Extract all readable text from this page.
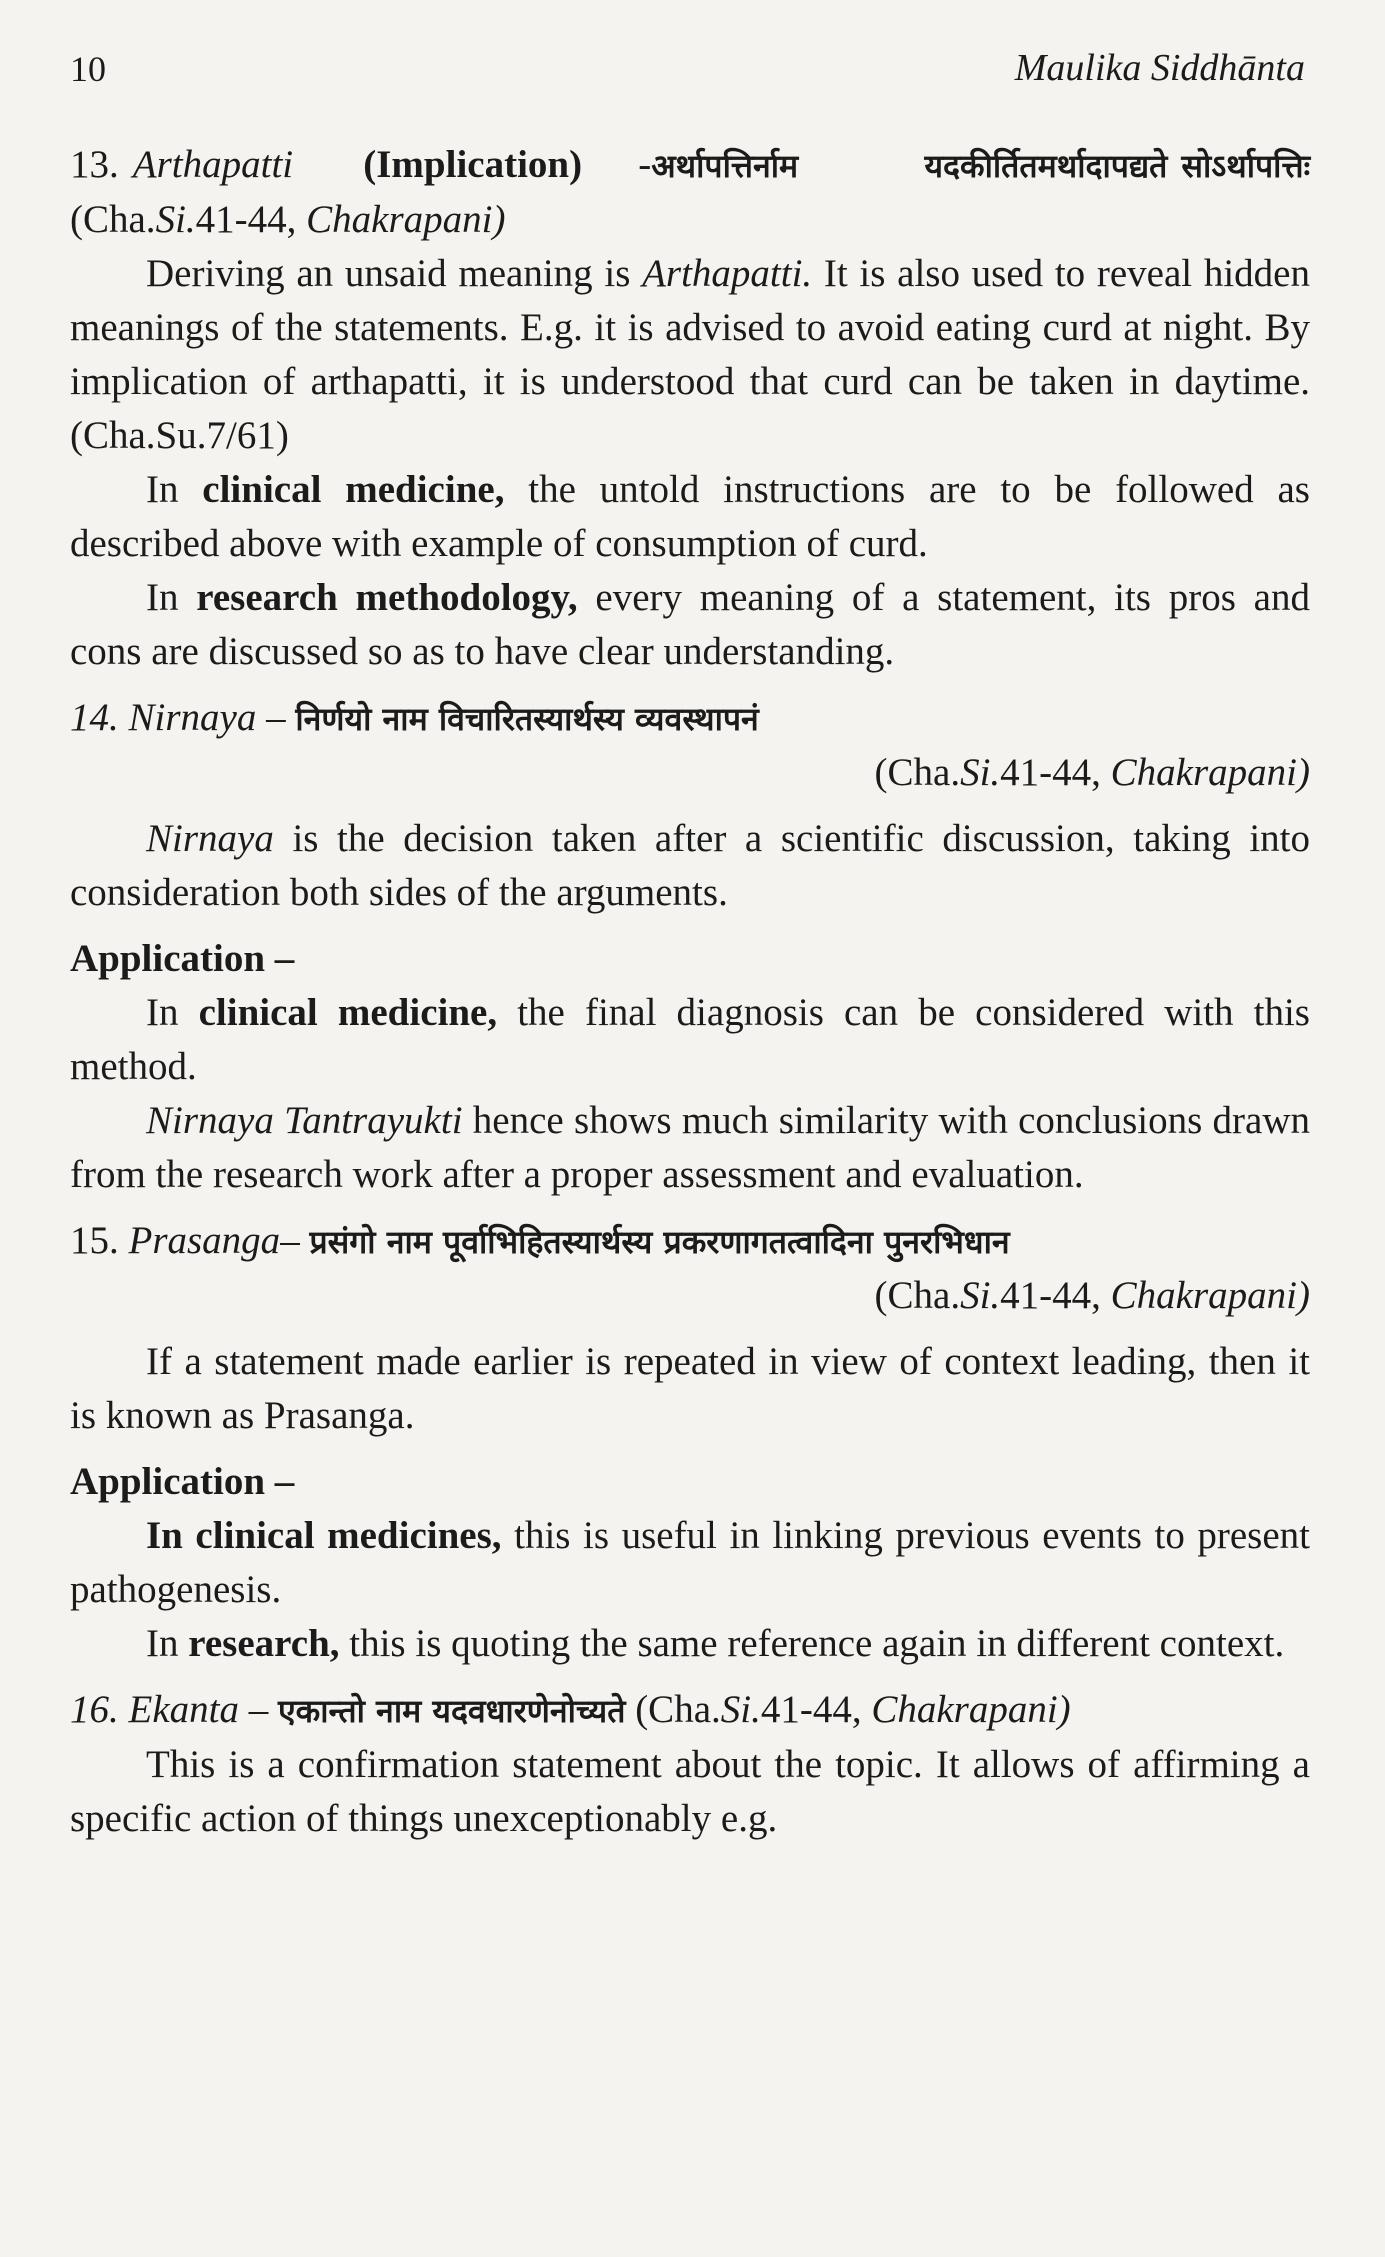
10	Maulika Siddhānta

13. Arthapatti (Implication) -अर्थापत्तिर्नाम	यदकीर्तितमर्थादापद्यते सोऽर्थापत्तिः (Cha.Si.41-44, Chakrapani)

Deriving an unsaid meaning is Arthapatti. It is also used to reveal hidden meanings of the statements. E.g. it is advised to avoid eating curd at night. By implication of arthapatti, it is understood that curd can be taken in daytime.(Cha.Su.7/61)

In clinical medicine, the untold instructions are to be followed as described above with example of consumption of curd.

In research methodology, every meaning of a statement, its pros and cons are discussed so as to have clear understanding.

14. Nirnaya – निर्णयो नाम विचारितस्यार्थस्य व्यवस्थापनं

(Cha.Si.41-44, Chakrapani)

Nirnaya is the decision taken after a scientific discussion, taking into consideration both sides of the arguments.

Application –

In clinical medicine, the final diagnosis can be considered with this method.

Nirnaya Tantrayukti hence shows much similarity with conclusions drawn from the research work after a proper assessment and evaluation.

15. Prasanga– प्रसंगो नाम पूर्वाभिहितस्यार्थस्य प्रकरणागतत्वादिना पुनरभिधान

(Cha.Si.41-44, Chakrapani)

If a statement made earlier is repeated in view of context leading, then it is known as Prasanga.

Application –

In clinical medicines, this is useful in linking previous events to present pathogenesis.

In research, this is quoting the same reference again in different context.

16. Ekanta – एकान्तो नाम यदवधारणेनोच्यते (Cha.Si.41-44, Chakrapani)

This is a confirmation statement about the topic. It allows of affirming a specific action of things unexceptionably e.g.
